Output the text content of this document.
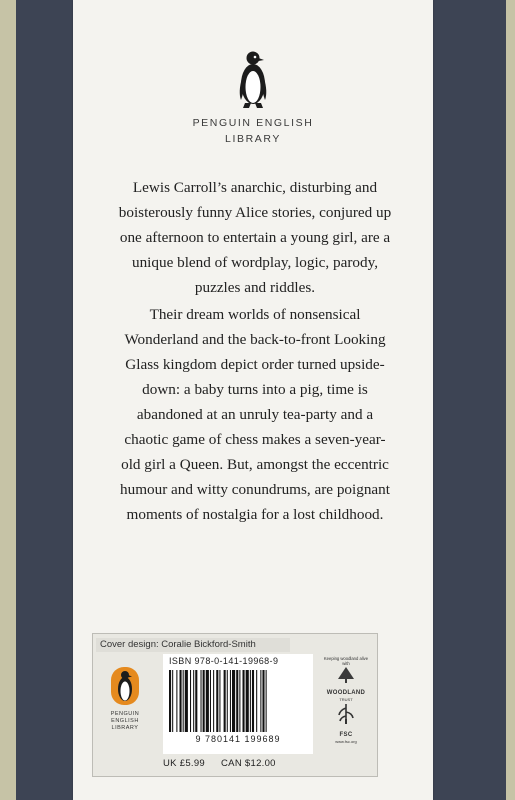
PENGUIN ENGLISH
LIBRARY

Lewis Carroll’s anarchic, disturbing and boisterously funny Alice stories, conjured up one afternoon to entertain a young girl, are a unique blend of wordplay, logic, parody, puzzles and riddles.

Their dream worlds of nonsensical Wonderland and the back-to-front Looking Glass kingdom depict order turned upside-down: a baby turns into a pig, time is abandoned at an unruly tea-party and a chaotic game of chess makes a seven-year-old girl a Queen. But, amongst the eccentric humour and witty conundrums, are poignant moments of nostalgia for a lost childhood.

Cover design: Coralie Bickford-Smith
PENGUIN
ENGLISH
LIBRARY
ISBN 978-0-141-19968-9
9 780141 199689
UK £5.99 CAN $12.00
Keeping woodland alive with
WOODLAND
TRUST
FSC
www.fsc.org
